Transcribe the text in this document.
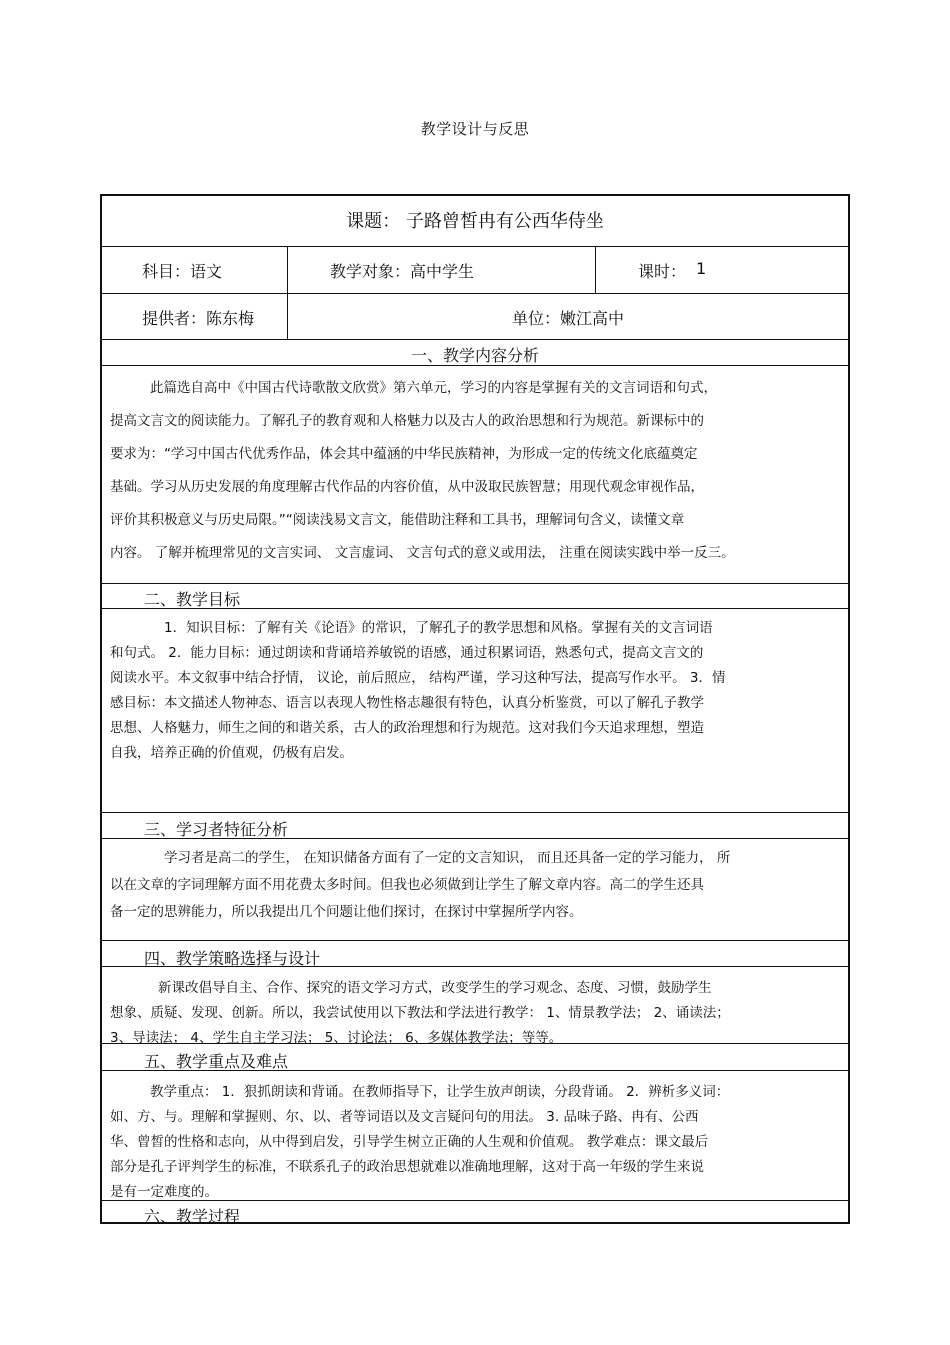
教学设计与反思
课题： 子路曾皙冉有公西华侍坐
科目：语文	教学对象：高中学生	课时： 1
提供者：陈东梅	单位：嫩江高中
一、教学内容分析
此篇选自高中《中国古代诗歌散文欣赏》第六单元，学习的内容是掌握有关的文言词语和句式，
提高文言文的阅读能力。了解孔子的教育观和人格魅力以及古人的政治思想和行为规范。新课标中的
要求为：“学习中国古代优秀作品，体会其中蕴涵的中华民族精神，为形成一定的传统文化底蕴奠定
基础。学习从历史发展的角度理解古代作品的内容价值，从中汲取民族智慧；用现代观念审视作品，
评价其积极意义与历史局限。”“阅读浅易文言文，能借助注释和工具书，理解词句含义，读懂文章
内容。 了解并梳理常见的文言实词、 文言虚词、 文言句式的意义或用法， 注重在阅读实践中举一反三。
二、教学目标
1．知识目标：了解有关《论语》的常识，了解孔子的教学思想和风格。掌握有关的文言词语
和句式。 2．能力目标：通过朗读和背诵培养敏锐的语感，通过积累词语，熟悉句式，提高文言文的
阅读水平。本文叙事中结合抒情， 议论，前后照应， 结构严谨，学习这种写法，提高写作水平。 3．情
感目标：本文描述人物神态、语言以表现人物性格志趣很有特色，认真分析鉴赏，可以了解孔子教学
思想、人格魅力，师生之间的和谐关系，古人的政治理想和行为规范。这对我们今天追求理想，塑造
自我，培养正确的价值观，仍极有启发。
三、学习者特征分析
学习者是高二的学生， 在知识储备方面有了一定的文言知识， 而且还具备一定的学习能力， 所
以在文章的字词理解方面不用花费太多时间。但我也必须做到让学生了解文章内容。高二的学生还具
备一定的思辨能力，所以我提出几个问题让他们探讨，在探讨中掌握所学内容。
四、教学策略选择与设计
新课改倡导自主、合作、探究的语文学习方式，改变学生的学习观念、态度、习惯，鼓励学生
想象、质疑、发现、创新。所以，我尝试使用以下教法和学法进行教学： 1、情景教学法； 2、诵读法；
3、导读法； 4、学生自主学习法； 5、讨论法； 6、多媒体教学法；等等。
五、教学重点及难点
教学重点： 1．狠抓朗读和背诵。在教师指导下，让学生放声朗读，分段背诵。 2．辨析多义词：
如、方、与。理解和掌握则、尔、以、者等词语以及文言疑问句的用法。 3. 品味子路、冉有、公西
华、曾皙的性格和志向，从中得到启发，引导学生树立正确的人生观和价值观。 教学难点：课文最后
部分是孔子评判学生的标准，不联系孔子的政治思想就难以准确地理解，这对于高一年级的学生来说
是有一定难度的。
六、教学过程
